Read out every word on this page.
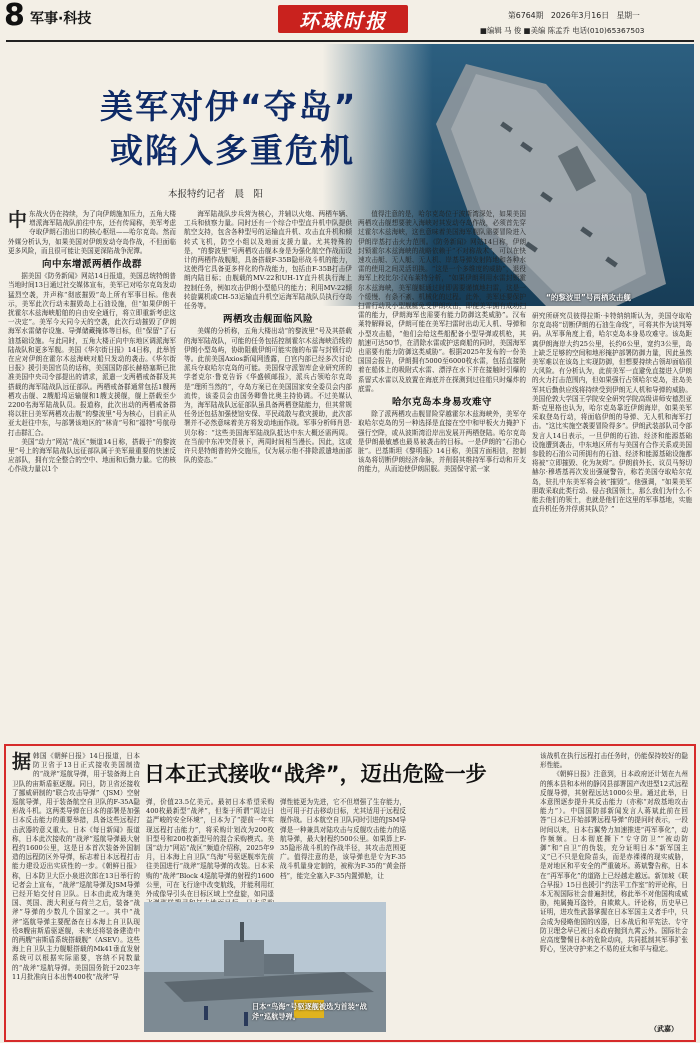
8 军事·科技	环球时报	第6764期 2026年3月16日 星期一
■编辑 马 俊 ■美编 陈孟乔 电话(010)65367503
美军对伊“夺岛”
或陷入多重危机
本报特约记者　晨　阳
“的黎波里”号两栖攻击舰

中东战火仍在持续，为了向伊朗施加压力，五角大楼增派海军陆战队前往中东，还有传闻称，美军考虑夺取伊朗石油出口的核心枢纽——哈尔克岛。然而外媒分析认为，如果美国对伊朗发动夺岛作战，不但面临更多风险，而且很可能让美国更深陷战争泥潭。

向中东增派两栖作战群

据美国《防务新闻》网站14日报道，美国总统特朗普当地时间13日通过社交媒体宣布，美军已对哈尔克岛发动猛烈空袭，并声称“彻底摧毁”岛上所有军事目标。他表示，美军此次行动未摧毁岛上石油设施，但“如果伊朗干扰霍尔木兹海峡船舶的自由安全通行，将立即重新考虑这一决定”。美军今天同今天的空袭，此次行动摧毁了伊朗海军水雷储存设施、导弹储藏掩体等目标，但“保留”了石油基础设施。与此同时，五角大楼正向中东地区调派海军陆战队和更多军舰。美国《华尔街日报》14日称，此举旨在应对伊朗在霍尔木兹海峡对船只发动的袭击。《华尔街日报》援引美国官员的话称，美国国防部长赫格塞斯已批准美国中央司令部提出的请求，派遣一支两栖戒备群及其搭载的海军陆战队远征部队。两栖戒备群通常包括1艘两栖攻击舰、2艘船坞运输舰和1艘支援舰，舰上搭载至少2200名海军陆战队员。报道称，此次出动的两栖戒备群将以驻日美军两栖攻击舰“的黎波里”号为核心，目前正从亚太赶往中东，与部署该地区的“林肯”号和“福特”号航母打击群汇合。

美国“动力”网站“战区”频道14日称，搭载于“的黎波里”号上的海军陆战队远征部队属于美军最重要的快速反应部队，拥有完全整合的空中、地面和后勤力量。它的核心作战力量以1个

海军陆战队步兵营为核心，并辅以火炮、两栖车辆、工兵和侦察力量。同时还有一个综合中型直升机中队提供航空支持，包含各种型号的运输直升机、攻击直升机和倾转式飞机，防空小组以及地面支援力量。尤其特殊的是，“的黎波里”号两栖攻击舰本身是为强化航空作战而设计的两栖作战舰艇，具备搭载F-35B隐形战斗机的能力，这使得它具备更多样化的作战能力，包括由F-35B打击伊朗内陆目标；由舰载的MV-22和UH-1Y直升机执行海上控制任务，例如攻击伊朗小型船只的能力；利用MV-22倾转旋翼机或CH-53运输直升机空运海军陆战队员执行夺岛任务等。

两栖攻击舰面临风险

美媒的分析称，五角大楼出动“的黎波里”号及其搭载的海军陆战队，可能的任务包括控制霍尔木兹海峡沿线的伊朗小型岛屿，协助阻截伊朗可能实施的布雷与封锁行动等。此前美国Axios新闻网透露，白宫内部已经多次讨论派兵夺取哈尔克岛的可能。美国保守派智库企业研究所的学者克尔·鲁克告诉《华盛顿邮报》，派兵占领哈尔克岛是“理所当然的”，夺岛方案已在美国国家安全委员会内部流传，该委员会由国务卿鲁比奥主持协调。不过美媒认为，海军陆战队远征部队虽具备两栖登陆能力，但其常规任务还包括加强使馆安保、平民疏散与救灾援助，此次部署并不必然意味着美方将发动地面作战。军事分析师肖恩·贝尔称：“这些美国海军陆战队抵达中东大概还需两周。在当前中东冲突背景下，两周时间相当漫长。因此，这或许只是特朗普的外交施压，仅为展示他不排除派遣地面部队的姿态。”

值得注意的是，哈尔克岛位于波斯湾深处，如果美国两栖攻击舰想要驶入海峡对其发动夺岛作战，必须首先穿过霍尔木兹海峡，这也意味着美国海军舰队需要冒险进入伊朗岸基打击火力范围。《防务新闻》网站14日称，伊朗封锁霍尔木兹海峡的战略依赖于“不对称战术”，可以在快速攻击艇、无人艇、无人机、岸基导弹发射阵地和各种水雷的使用之间灵活切换。“这是一个多维度的威胁”，退役海军上校比尔·汉布莱特分析，“如果伊朗利用水雷封锁霍尔木兹海峡，美军舰艇通过时即需要谨慎地扫雷，这是一个缓慢、有条不紊、机械化的过程。此外，美军还要保护扫雷行动及小型舰艇免受伊朗攻击，即便美军拥有成功扫雷的能力，伊朗海军也需要有能力防御这类威胁”。汉布莱特解释说，伊朗可能在美军扫雷时出动无人机、导弹和小型攻击船，“他们会给这些船配备小型导弹或机枪，其航速可达50节，在清除水雷或护送商船的同时，美国海军也需要有能力防御这类威胁”。根据2025年发布的一份美国国会报告，伊朗拥有5000至6000枚水雷，包括直接附着在船体上的吸附式水雷、漂浮在水下并在接触时引爆的系留式水雷以及放置在海底并在探测到过往船只时爆炸的底雷。

哈尔克岛本身易攻难守

除了派两栖攻击舰冒险穿越霍尔木兹海峡外，美军夺取哈尔克岛的另一种选择是直接在空中和甲板火力掩护下强行空降，或从波斯湾沿岸出发展开两栖登陆。哈尔克岛是伊朗最敏感也最易被袭击的目标。一是伊朗的“石油心脏”。巴基斯坦《黎明报》14日称，美国方面相信，控制该岛将切断伊朗经济命脉，并削弱其维持军事行动和开支的能力，从而迫使伊朗屈服。美国保守派一家

研究所研究员彼得拉斯·卡特纳纳斯认为，美国夺取哈尔克岛将“切断伊朗的石油生命线”，可将其作为谈判筹码。从军事角度上看，哈尔克岛本身易攻难守。该岛距离伊朗海岸大约25公里，长约6公里，宽约3公里，岛上缺乏足够的空间和地形掩护部署防御力量，因此虽然美军难以在该岛上实现防御，但想要持续占领却面临很大风险。有分析认为，此前美军一直避免直接进入伊朗的火力打击范围内，但如果强行占领哈尔克岛，驻岛美军其后勤供应线将持续受到伊朗无人机和导弹的威胁。美国伦敦大学国王学院安全研究学院高级讲师安德烈亚斯·克里格也认为，哈尔克岛靠近伊朗海岸，如果美军采取登岛行动，将面临伊朗的导弹、无人机和海军打击。“这比实施空袭要冒险得多”。伊朗武装部队司令部发言人14日表示，一旦伊朗的石油、经济和能源基础设施遭到袭击，中东地区所有与美国有合作关系或美国参股的石油公司所拥有的石油、经济和能源基础设施都将被“立即摧毁、化为灰烬”。伊朗前外长、议员马努切赫尔·穆塔基再次发出强硬警告，称若美国夺取哈尔克岛，驻扎中东美军将会被“摧毁”。他强调，“如果美军胆敢采取此类行动、侵占我国领土，那么我们为什么不能去他们的领土，也就是他们在这里的军事基地，实施直升机任务并俘虏其队员？”

据韩国《朝鲜日报》14日报道，日本防卫省于13日正式接收美国制造的“战斧”巡航导弹，用于装备海上自卫队的宙斯盾驱逐舰。同日，防卫省还接收了挪威研制的“联合攻击导弹”（JSM）空射巡航导弹，用于装备航空自卫队的F-35A隐形战斗机。这两类导弹在日本的部署是加强日本反击能力的重要举措，具备这些远程打击武器的意义重大。日本《每日新闻》报道称，日本此次接收的“战斧”巡航导弹最大射程约1600公里，这是日本首次装备外国制造的远程防区外导弹，标志着日本远程打击能力建设迈出实质性的一步。《朝鲜日报》称，日本防卫大臣小泉进次郎在13日举行的记者会上宣布，“战斧”巡航导弹及JSM导弹已经开始交付自卫队。日本由此成为继美国、英国、澳大利亚与荷兰之后，装备“战斧”导弹的少数几个国家之一。其中“战斧”巡航导弹主要配备在日本海上自卫队现役8艘宙斯盾驱逐舰，未来还将装备建造中的两艘“宙斯盾系统搭载舰”（ASEV）。这些海上自卫队主力舰艇搭载的Mk41垂直发射系统可以根据实际需要，容纳不同数量的“战斧”巡航导弹。美国国务院于2023年11月批准向日本出售400枚“战斧”导

日本正式接收“战斧”，迈出危险一步

弹，价值23.5亿美元。最初日本希望采购400枚最新型“战斧”，但鉴于所谓“周边日益严峻的安全环境”，日本为了“提前一年实现远程打击能力”，将采购计划改为200枚旧型号和200枚新型号的混合采购模式。美国“动力”网站“战区”频道介绍称，2025年9月，日本海上自卫队“鸟海”号驱逐舰率先前往美国进行“战斧”巡航导弹的改装。日本采购的“战斧”Block 4巡航导弹的射程约1600公里，可在飞行途中改变航线，并能利用红外成像导引头在目标区域上空盘旋，如同遥

弹性能更为先进，它不但增强了生存能力，也可用于打击移动目标，尤其适用于远程反舰作战。日本航空自卫队同时引进的JSM导弹是一种兼具对陆攻击与反舰攻击能力的巡航导弹，最大射程约500公里。如果算上F-35隐形战斗机的作战半径，其攻击范围更广。值得注意的是，该导弹也是专为F-35战斗机量身定制的，被称为F-35的“黄金搭档”，能完全塞入F-35内置弹舱，让

日本“鸟海”号驱逐舰被选为首装“战斧”巡航导弹。

该战机在执行远程打击任务时，仍能保持较好的隐形性能。

《朝鲜日报》注意到，日本政府还计划在九州的熊本县和本州的静冈县部署国产改进型12式远程反舰导弹，其射程远达1000公里。通过此举，日本意图逐步提升其反击能力（亦称“对敌基地攻击能力”）。中国国防部新闻发言人蒋斌此前在回答“日本已开始部署远程导弹”的提问时表示，一段时间以来，日本右翼势力加速推进“再军事化”，动作频频。日本彻底撕下“专守防卫”“被动防御”和“自卫”的伪装，充分证明日本“新军国主义”已不只是危险苗头，而是赤裸裸的现实威胁，是对地区和平安全的严重破坏。蒋斌警告称，日本在“再军事化”的道路上已经越走越远。新加坡《联合早报》15日也援引“约法平工作室”的评论称，日本无视国际社会普遍担忧，称此举不对他国构成威胁，纯属掩耳盗铃，自欺欺人。评论称，历史早已证明，进攻性武器掌握在日本军国主义者手中，只会成为侵略他国的凶器，日本战后和平宪法、专守防卫理念早已被日本政府抛到九霄云外。国际社会应高度警惕日本的危险动向，共同抵制其军事扩张野心，坚决守护来之不易的亚太和平与稳定。

（武嘉）
